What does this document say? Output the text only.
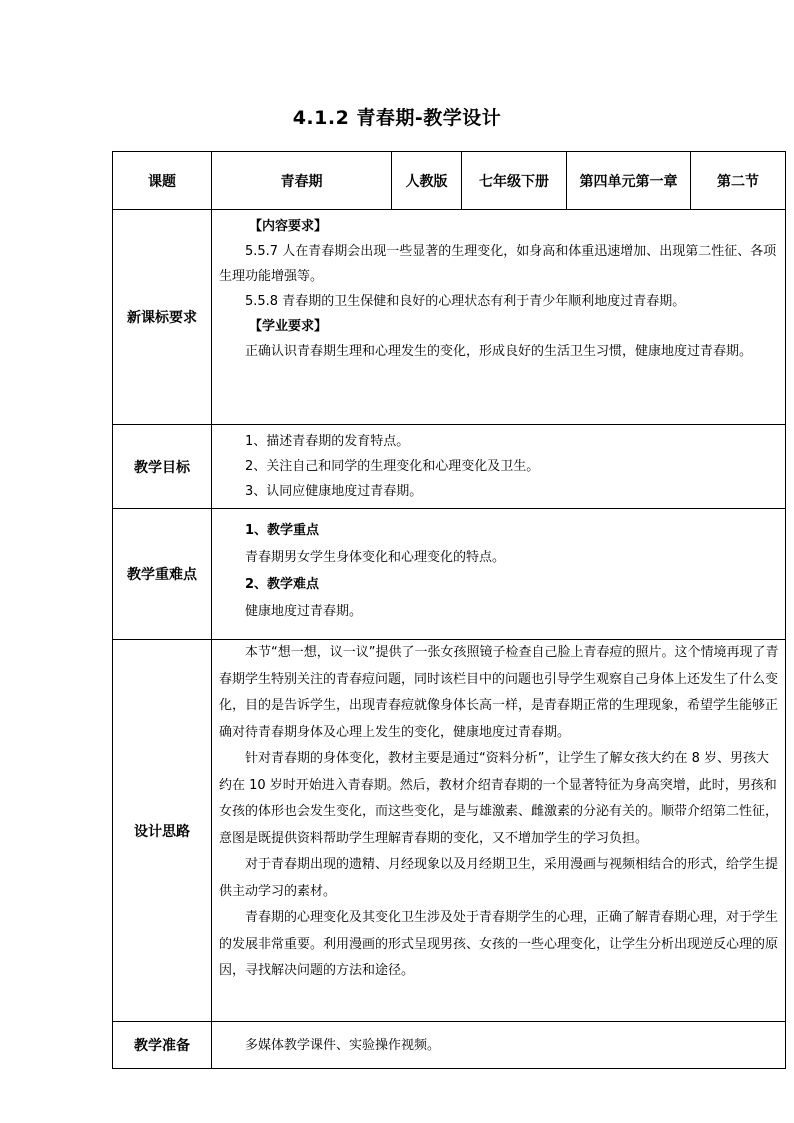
4.1.2 青春期-教学设计
课题	青春期	人教版	七年级下册	第四单元第一章	第二节
新课标要求	【内容要求】

5.5.7 人在青春期会出现一些显著的生理变化，如身高和体重迅速增加、出现第二性征、各项生理功能增强等。

5.5.8 青春期的卫生保健和良好的心理状态有利于青少年顺利地度过青春期。

【学业要求】

正确认识青春期生理和心理发生的变化，形成良好的生活卫生习惯，健康地度过青春期。				

教学目标	1、描述青春期的发育特点。

2、关注自己和同学的生理变化和心理变化及卫生。

3、认同应健康地度过青春期。				

教学重难点	1、教学重点

青春期男女学生身体变化和心理变化的特点。

2、教学难点

健康地度过青春期。				

设计思路	本节“想一想，议一议”提供了一张女孩照镜子检查自己脸上青春痘的照片。这个情境再现了青春期学生特别关注的青春痘问题，同时该栏目中的问题也引导学生观察自己身体上还发生了什么变化，目的是告诉学生，出现青春痘就像身体长高一样，是青春期正常的生理现象，希望学生能够正确对待青春期身体及心理上发生的变化，健康地度过青春期。

针对青春期的身体变化，教材主要是通过“资料分析”，让学生了解女孩大约在 8 岁、男孩大约在 10 岁时开始进入青春期。然后，教材介绍青春期的一个显著特征为身高突增，此时，男孩和女孩的体形也会发生变化，而这些变化，是与雄激素、雌激素的分泌有关的。顺带介绍第二性征，意图是既提供资料帮助学生理解青春期的变化，又不增加学生的学习负担。

对于青春期出现的遗精、月经现象以及月经期卫生，采用漫画与视频相结合的形式，给学生提供主动学习的素材。

青春期的心理变化及其变化卫生涉及处于青春期学生的心理，正确了解青春期心理，对于学生的发展非常重要。利用漫画的形式呈现男孩、女孩的一些心理变化，让学生分析出现逆反心理的原因，寻找解决问题的方法和途径。				

教学准备	多媒体教学课件、实验操作视频。				
